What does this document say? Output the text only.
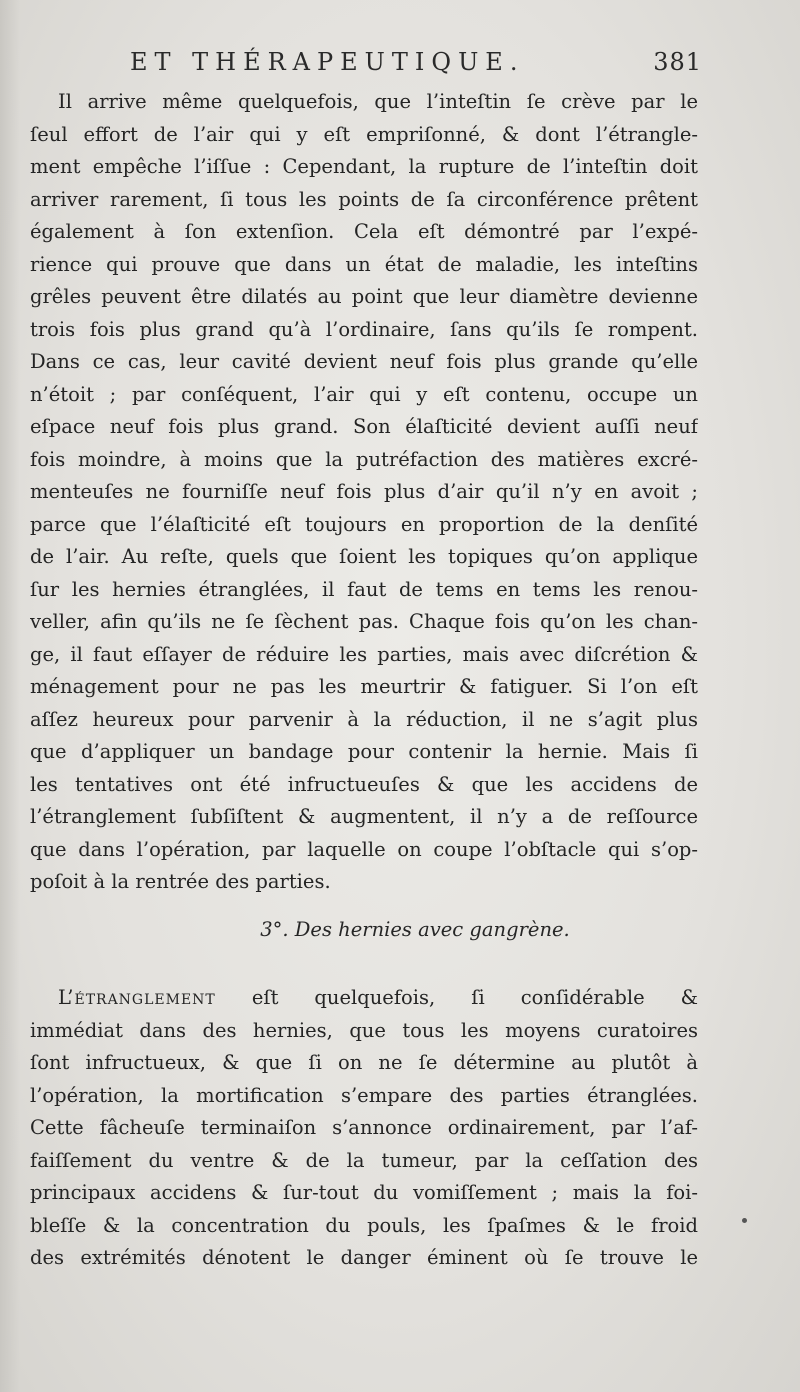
ET THÉRAPEUTIQUE.	381
Il arrive même quelquefois, que l’inteſtin ſe crève par le
ſeul effort de l’air qui y eſt empriſonné, & dont l’étrangle-
ment empêche l’iſſue : Cependant, la rupture de l’inteſtin doit
arriver rarement, ſi tous les points de ſa circonférence prêtent
également à ſon extenſion. Cela eſt démontré par l’expé-
rience qui prouve que dans un état de maladie, les inteſtins
grêles peuvent être dilatés au point que leur diamètre devienne
trois fois plus grand qu’à l’ordinaire, ſans qu’ils ſe rompent.
Dans ce cas, leur cavité devient neuf fois plus grande qu’elle
n’étoit ; par conſéquent, l’air qui y eſt contenu, occupe un
eſpace neuf fois plus grand. Son élaſticité devient auſſi neuf
fois moindre, à moins que la putréfaction des matières excré-
menteuſes ne fourniſſe neuf fois plus d’air qu’il n’y en avoit ;
parce que l’élaſticité eſt toujours en proportion de la denſité
de l’air. Au reſte, quels que ſoient les topiques qu’on applique
ſur les hernies étranglées, il faut de tems en tems les renou-
veller, afin qu’ils ne ſe ſèchent pas. Chaque fois qu’on les chan-
ge, il faut eſſayer de réduire les parties, mais avec diſcrétion &
ménagement pour ne pas les meurtrir & fatiguer. Si l’on eſt
aſſez heureux pour parvenir à la réduction, il ne s’agit plus
que d’appliquer un bandage pour contenir la hernie. Mais ſi
les tentatives ont été infructueuſes & que les accidens de
l’étranglement ſubſiſtent & augmentent, il n’y a de reſſource
que dans l’opération, par laquelle on coupe l’obſtacle qui s’op-
poſoit à la rentrée des parties.
3°. Des hernies avec gangrène.
L’étranglement eſt quelquefois, ſi conſidérable &
immédiat dans des hernies, que tous les moyens curatoires
ſont infructueux, & que ſi on ne ſe détermine au plutôt à
l’opération, la mortification s’empare des parties étranglées.
Cette fâcheuſe terminaiſon s’annonce ordinairement, par l’af-
faiſſement du ventre & de la tumeur, par la ceſſation des
principaux accidens & ſur-tout du vomiſſement ; mais la foi-
bleſſe & la concentration du pouls, les ſpaſmes & le froid
des extrémités dénotent le danger éminent où ſe trouve le
